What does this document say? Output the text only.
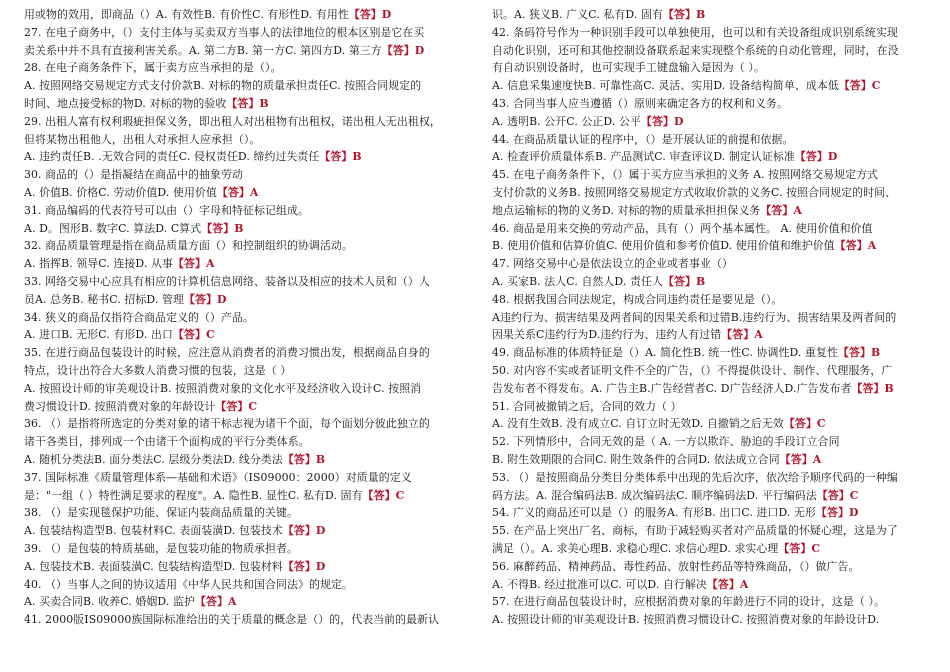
用或物的效用，即商品（）A. 有效性B. 有价性C. 有形性D. 有用性【答】D
27. 在电子商务中，（）支付主体与买卖双方当事人的法律地位的根本区别是它在买
卖关系中并不具有直接利害关系。A. 第二方B. 第一方C. 第四方D. 第三方【答】D
28. 在电子商务条件下，属于卖方应当承担的是（）。
A. 按照网络交易规定方式支付价款B. 对标的物的质量承担责任C. 按照合同规定的
时间、地点接受标的物D. 对标的物的验收【答】B
29. 出租人富有权利瑕疵担保义务，即出租人对出租物有出租权，诺出租人无出租权，
但将某物出租他人，出租人对承担人应承担（）。
A. 违约责任B. .无效合同的责任C. 侵权责任D. 缔约过失责任【答】B
30. 商品的（）是指凝结在商品中的抽象劳动
A. 价值B. 价格C. 劳动价值D. 使用价值【答】A
31. 商品编码的代表符号可以由（）字母和特征标记组成。
A. D。图形B. 数字C. 算法D. C算式【答】B
32. 商品质量管理是指在商品质量方面（）和控制组织的协调活动。
A. 指挥B. 领导C. 连接D. 从事【答】A
33. 网络交易中心应具有相应的计算机信息网络、装备以及相应的技术人员和（）人
员A. 总务B. 秘书C. 招标D. 管理【答】D
34. 狭义的商品仅指符合商品定义的（）产品。
A. 进口B. 无形C. 有形D. 出口【答】C
35. 在进行商品包装设计的时候，应注意从消费者的消费习惯出发，根据商品自身的
特点，设计出符合大多数人消费习惯的包装，这是（ ）
A. 按照设计师的审美观设计B. 按照消费对象的文化水平及经济收入设计C. 按照消
费习惯设计D. 按照消费对象的年龄设计【答】C
36. （）是指将所选定的分类对象的诸干标志视为诸干个面，每个面划分彼此独立的
诸干各类目，排列成一个由诸干个面构成的平行分类体系。
A. 随机分类法B. 面分类法C. 层级分类法D. 线分类法【答】B
37. 国际标准《质量管理体系—基础和术语》（IS09000：2000）对质量的定义
是："一组（ ）特性满足要求的程度"。A. 隐性B. 显性C. 私有D. 固有【答】C
38. （）是实现毯保护功能、保证内装商品质量的关键。
A. 包装结构造型B. 包装材料C. 表面装潢D. 包装技术【答】D
39. （）是包装的特质基础，是包装功能的物质承担者。
A. 包装技术B. 表面装潢C. 包装结构造型D. 包装材料【答】D
40. （）当事人之间的协议适用《中华人民共和国合同法》的规定。
A. 买卖合同B. 收养C. 婚姻D. 监护【答】A
41. 2000版IS09000族国际标准给出的关于质量的概念是（）的，代表当前的最新认
识。A. 狭义B. 广义C. 私有D. 固有【答】B
42. 条码符号作为一种识别手段可以单独使用，也可以和有关设备组成识别系统实现
自动化识别，还可和其他控制设备联系起来实现整个系统的自动化管理，同时，在没
有自动识别设备时，也可实现手工键盘输入是因为（ ）。
A. 信息采集速度快B. 可靠性高C. 灵活、实用D. 设备结构简单、成本低【答】C
43. 合同当事人应当遵循（）原则来确定各方的权利和义务。
A. 透明B. 公开C. 公正D. 公平【答】D
44. 在商品质量认证的程序中，（）是开展认证的前提和依据。
A. 检查评价质量体系B. 产品测试C. 审查评议D. 制定认证标准【答】D
45. 在电子商务条件下，（）属于买方应当承担的义务 A. 按照网络交易规定方式
支付价款的义务B. 按照网络交易规定方式收取价款的义务C. 按照合同规定的时间、
地点运输标的物的义务D. 对标的物的质量承担担保义务【答】A
46. 商品是用来交换的劳动产品，具有（）两个基本属性。 A. 使用价值和价值
B. 使用价值和估算价值C. 使用价值和参考价值D. 使用价值和维护价值【答】A
47. 网络交易中心是依法设立的企业或者事业（）
A. 买家B. 法人C. 自然人D. 责任人【答】B
48. 根据我国合同法规定，构成合同违约责任是要见是（）。
A违约行为、损害结果及两者间的因果关系和过错B.违约行为、损害结果及两者间的
因果关系C违约行为D.违约行为、违约人有过错【答】A
49. 商品标准的体质特征是（）A. 简化性B. 统一性C. 协调性D. 重复性【答】B
50. 对内容不实或者证明文件不全的广告，（）不得提供设计、制作、代理服务，广
告发布者不得发布。A. 广告主B.广告经营者C. D广告经济人D.广告发布者【答】B
51. 合同被撤销之后，合同的效力（ ）
A. 没有生效B. 没有成立C. 自订立时无效D. 自撤销之后无效【答】C
52. 下列情形中，合同无效的是（ A. 一方以欺诈、胁迫的手段订立合同
B. 附生效期限的合同C. 附生效条件的合同D. 依法成立合同【答】A
53. （）是按照商品分类目分类体系中出现的先后次序，依次给予顺序代码的一种编
码方法。A. 混合编码法B. 成次编码法C. 顺序编码法D. 平行编码法【答】C
54. 广义的商品还可以是（）的服务A. 有形B. 出口C. 进口D. 无形【答】D
55. 在产品上突出厂名、商标，有助于减轻购买者对产品质量的怀疑心理，这是为了
满足（）。A. 求美心理B. 求稳心理C. 求信心理D. 求实心理【答】C
56. 麻醉药品、精神药品、毒性药品、放射性药品等特殊商品，（）做广告。
A. 不得B. 经过批准可以C. 可以D. 自行解决【答】A
57. 在进行商品包装设计时，应根据消费对象的年龄进行不同的设计，这是（ ）。
A. 按照设计师的审美观设计B. 按照消费习惯设计C. 按照消费对象的年龄设计D.
